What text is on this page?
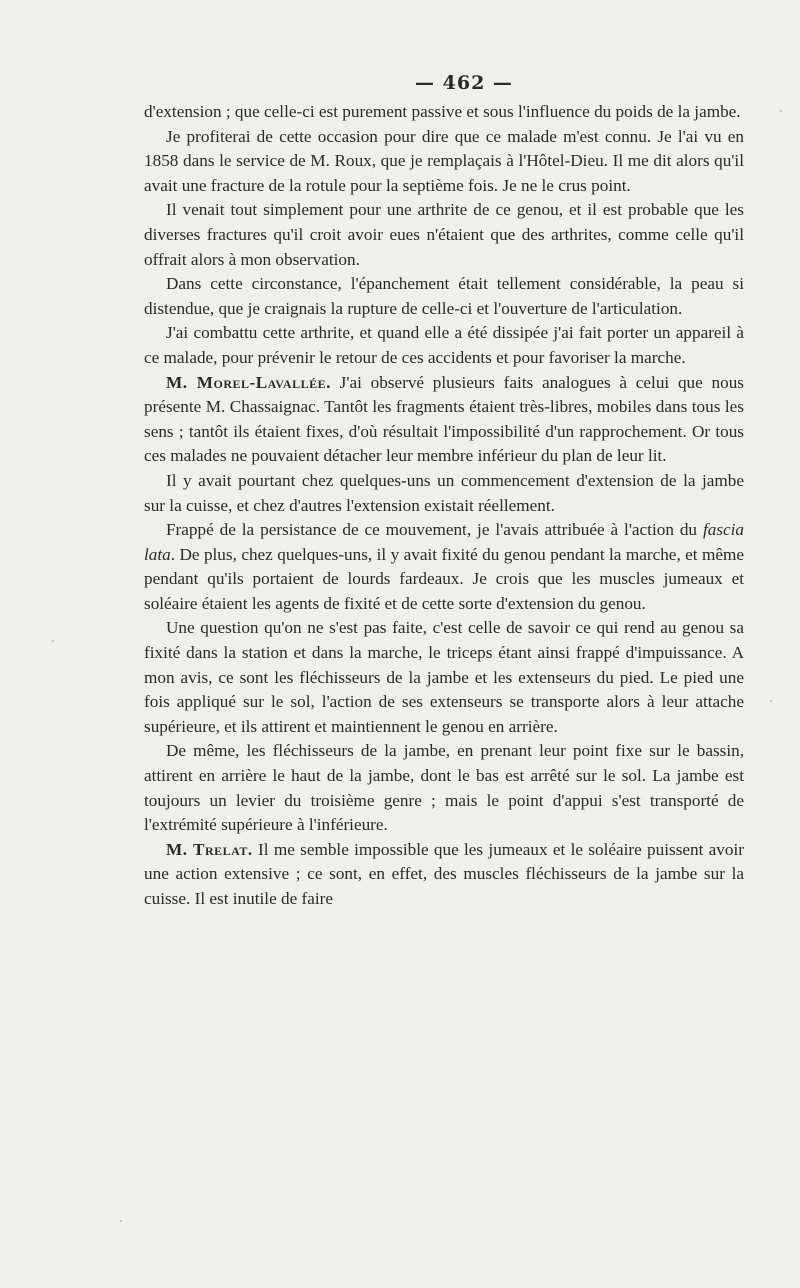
— 462 —

d'extension ; que celle-ci est purement passive et sous l'influence du poids de la jambe.

Je profiterai de cette occasion pour dire que ce malade m'est connu. Je l'ai vu en 1858 dans le service de M. Roux, que je remplaçais à l'Hôtel-Dieu. Il me dit alors qu'il avait une fracture de la rotule pour la septième fois. Je ne le crus point.

Il venait tout simplement pour une arthrite de ce genou, et il est probable que les diverses fractures qu'il croit avoir eues n'étaient que des arthrites, comme celle qu'il offrait alors à mon observation.

Dans cette circonstance, l'épanchement était tellement considérable, la peau si distendue, que je craignais la rupture de celle-ci et l'ouverture de l'articulation.

J'ai combattu cette arthrite, et quand elle a été dissipée j'ai fait porter un appareil à ce malade, pour prévenir le retour de ces accidents et pour favoriser la marche.

M. Morel-Lavallée. J'ai observé plusieurs faits analogues à celui que nous présente M. Chassaignac. Tantôt les fragments étaient très-libres, mobiles dans tous les sens ; tantôt ils étaient fixes, d'où résultait l'impossibilité d'un rapprochement. Or tous ces malades ne pouvaient détacher leur membre inférieur du plan de leur lit.

Il y avait pourtant chez quelques-uns un commencement d'extension de la jambe sur la cuisse, et chez d'autres l'extension existait réellement.

Frappé de la persistance de ce mouvement, je l'avais attribuée à l'action du fascia lata. De plus, chez quelques-uns, il y avait fixité du genou pendant la marche, et même pendant qu'ils portaient de lourds fardeaux. Je crois que les muscles jumeaux et soléaire étaient les agents de fixité et de cette sorte d'extension du genou.

Une question qu'on ne s'est pas faite, c'est celle de savoir ce qui rend au genou sa fixité dans la station et dans la marche, le triceps étant ainsi frappé d'impuissance. A mon avis, ce sont les fléchisseurs de la jambe et les extenseurs du pied. Le pied une fois appliqué sur le sol, l'action de ses extenseurs se transporte alors à leur attache supérieure, et ils attirent et maintiennent le genou en arrière.

De même, les fléchisseurs de la jambe, en prenant leur point fixe sur le bassin, attirent en arrière le haut de la jambe, dont le bas est arrêté sur le sol. La jambe est toujours un levier du troisième genre ; mais le point d'appui s'est transporté de l'extrémité supérieure à l'inférieure.

M. Trelat. Il me semble impossible que les jumeaux et le soléaire puissent avoir une action extensive ; ce sont, en effet, des muscles fléchisseurs de la jambe sur la cuisse. Il est inutile de faire
